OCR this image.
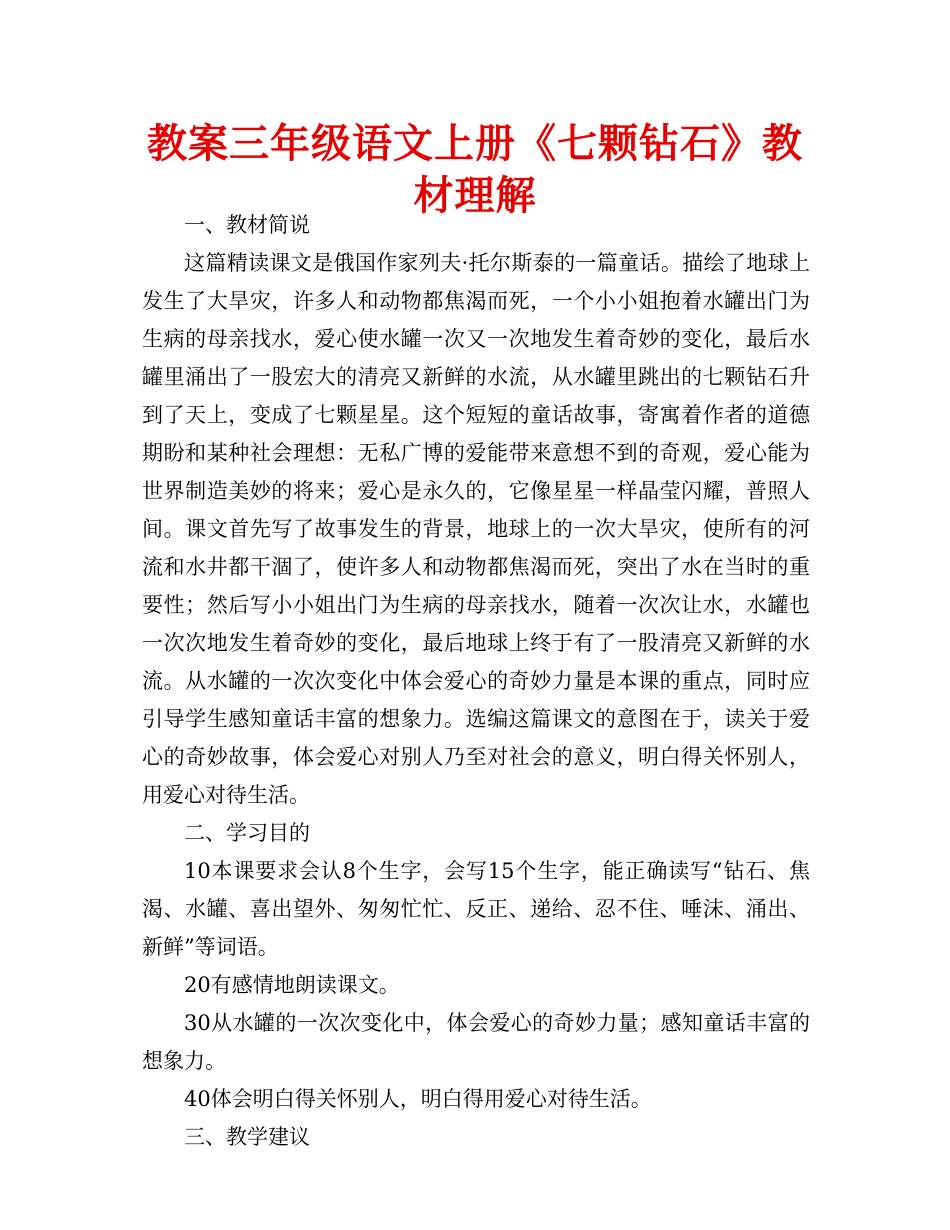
教案三年级语文上册《七颗钻石》教材理解

一、教材简说

这篇精读课文是俄国作家列夫·托尔斯泰的一篇童话。描绘了地球上发生了大旱灾，许多人和动物都焦渴而死，一个小小姐抱着水罐出门为生病的母亲找水，爱心使水罐一次又一次地发生着奇妙的变化，最后水罐里涌出了一股宏大的清亮又新鲜的水流，从水罐里跳出的七颗钻石升到了天上，变成了七颗星星。这个短短的童话故事，寄寓着作者的道德期盼和某种社会理想：无私广博的爱能带来意想不到的奇观，爱心能为世界制造美妙的将来；爱心是永久的，它像星星一样晶莹闪耀，普照人间。课文首先写了故事发生的背景，地球上的一次大旱灾，使所有的河流和水井都干涸了，使许多人和动物都焦渴而死，突出了水在当时的重要性；然后写小小姐出门为生病的母亲找水，随着一次次让水，水罐也一次次地发生着奇妙的变化，最后地球上终于有了一股清亮又新鲜的水流。从水罐的一次次变化中体会爱心的奇妙力量是本课的重点，同时应引导学生感知童话丰富的想象力。选编这篇课文的意图在于，读关于爱心的奇妙故事，体会爱心对别人乃至对社会的意义，明白得关怀别人，用爱心对待生活。

二、学习目的

10本课要求会认8个生字，会写15个生字，能正确读写“钻石、焦渴、水罐、喜出望外、匆匆忙忙、反正、递给、忍不住、唾沫、涌出、新鲜”等词语。

20有感情地朗读课文。

30从水罐的一次次变化中，体会爱心的奇妙力量；感知童话丰富的想象力。

40体会明白得关怀别人，明白得用爱心对待生活。

三、教学建议
